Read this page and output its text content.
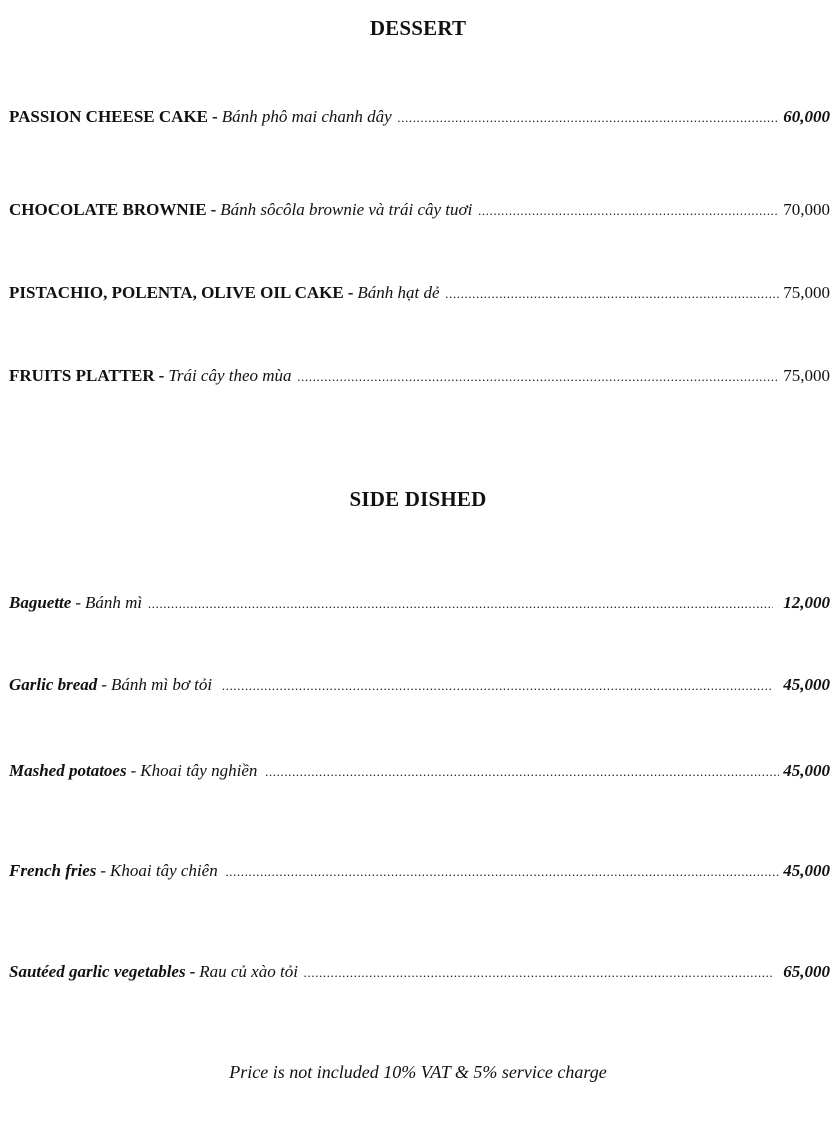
DESSERT
PASSION CHEESE CAKE - Bánh phô mai chanh dây .....	60,000
CHOCOLATE BROWNIE - Bánh sôcôla brownie và trái cây tuơi .....	70,000
PISTACHIO, POLENTA, OLIVE OIL CAKE - Bánh hạt dẻ .....	75,000
FRUITS PLATTER - Trái cây theo mùa .....	75,000
SIDE DISHED
Baguette - Bánh mì .....	12,000
Garlic bread - Bánh mì bơ tỏi .....	45,000
Mashed potatoes - Khoai tây nghiền .....	45,000
French fries - Khoai tây chiên .....	45,000
Sautéed garlic vegetables - Rau củ xào tỏi .....	65,000
Price is not included 10% VAT & 5% service charge
